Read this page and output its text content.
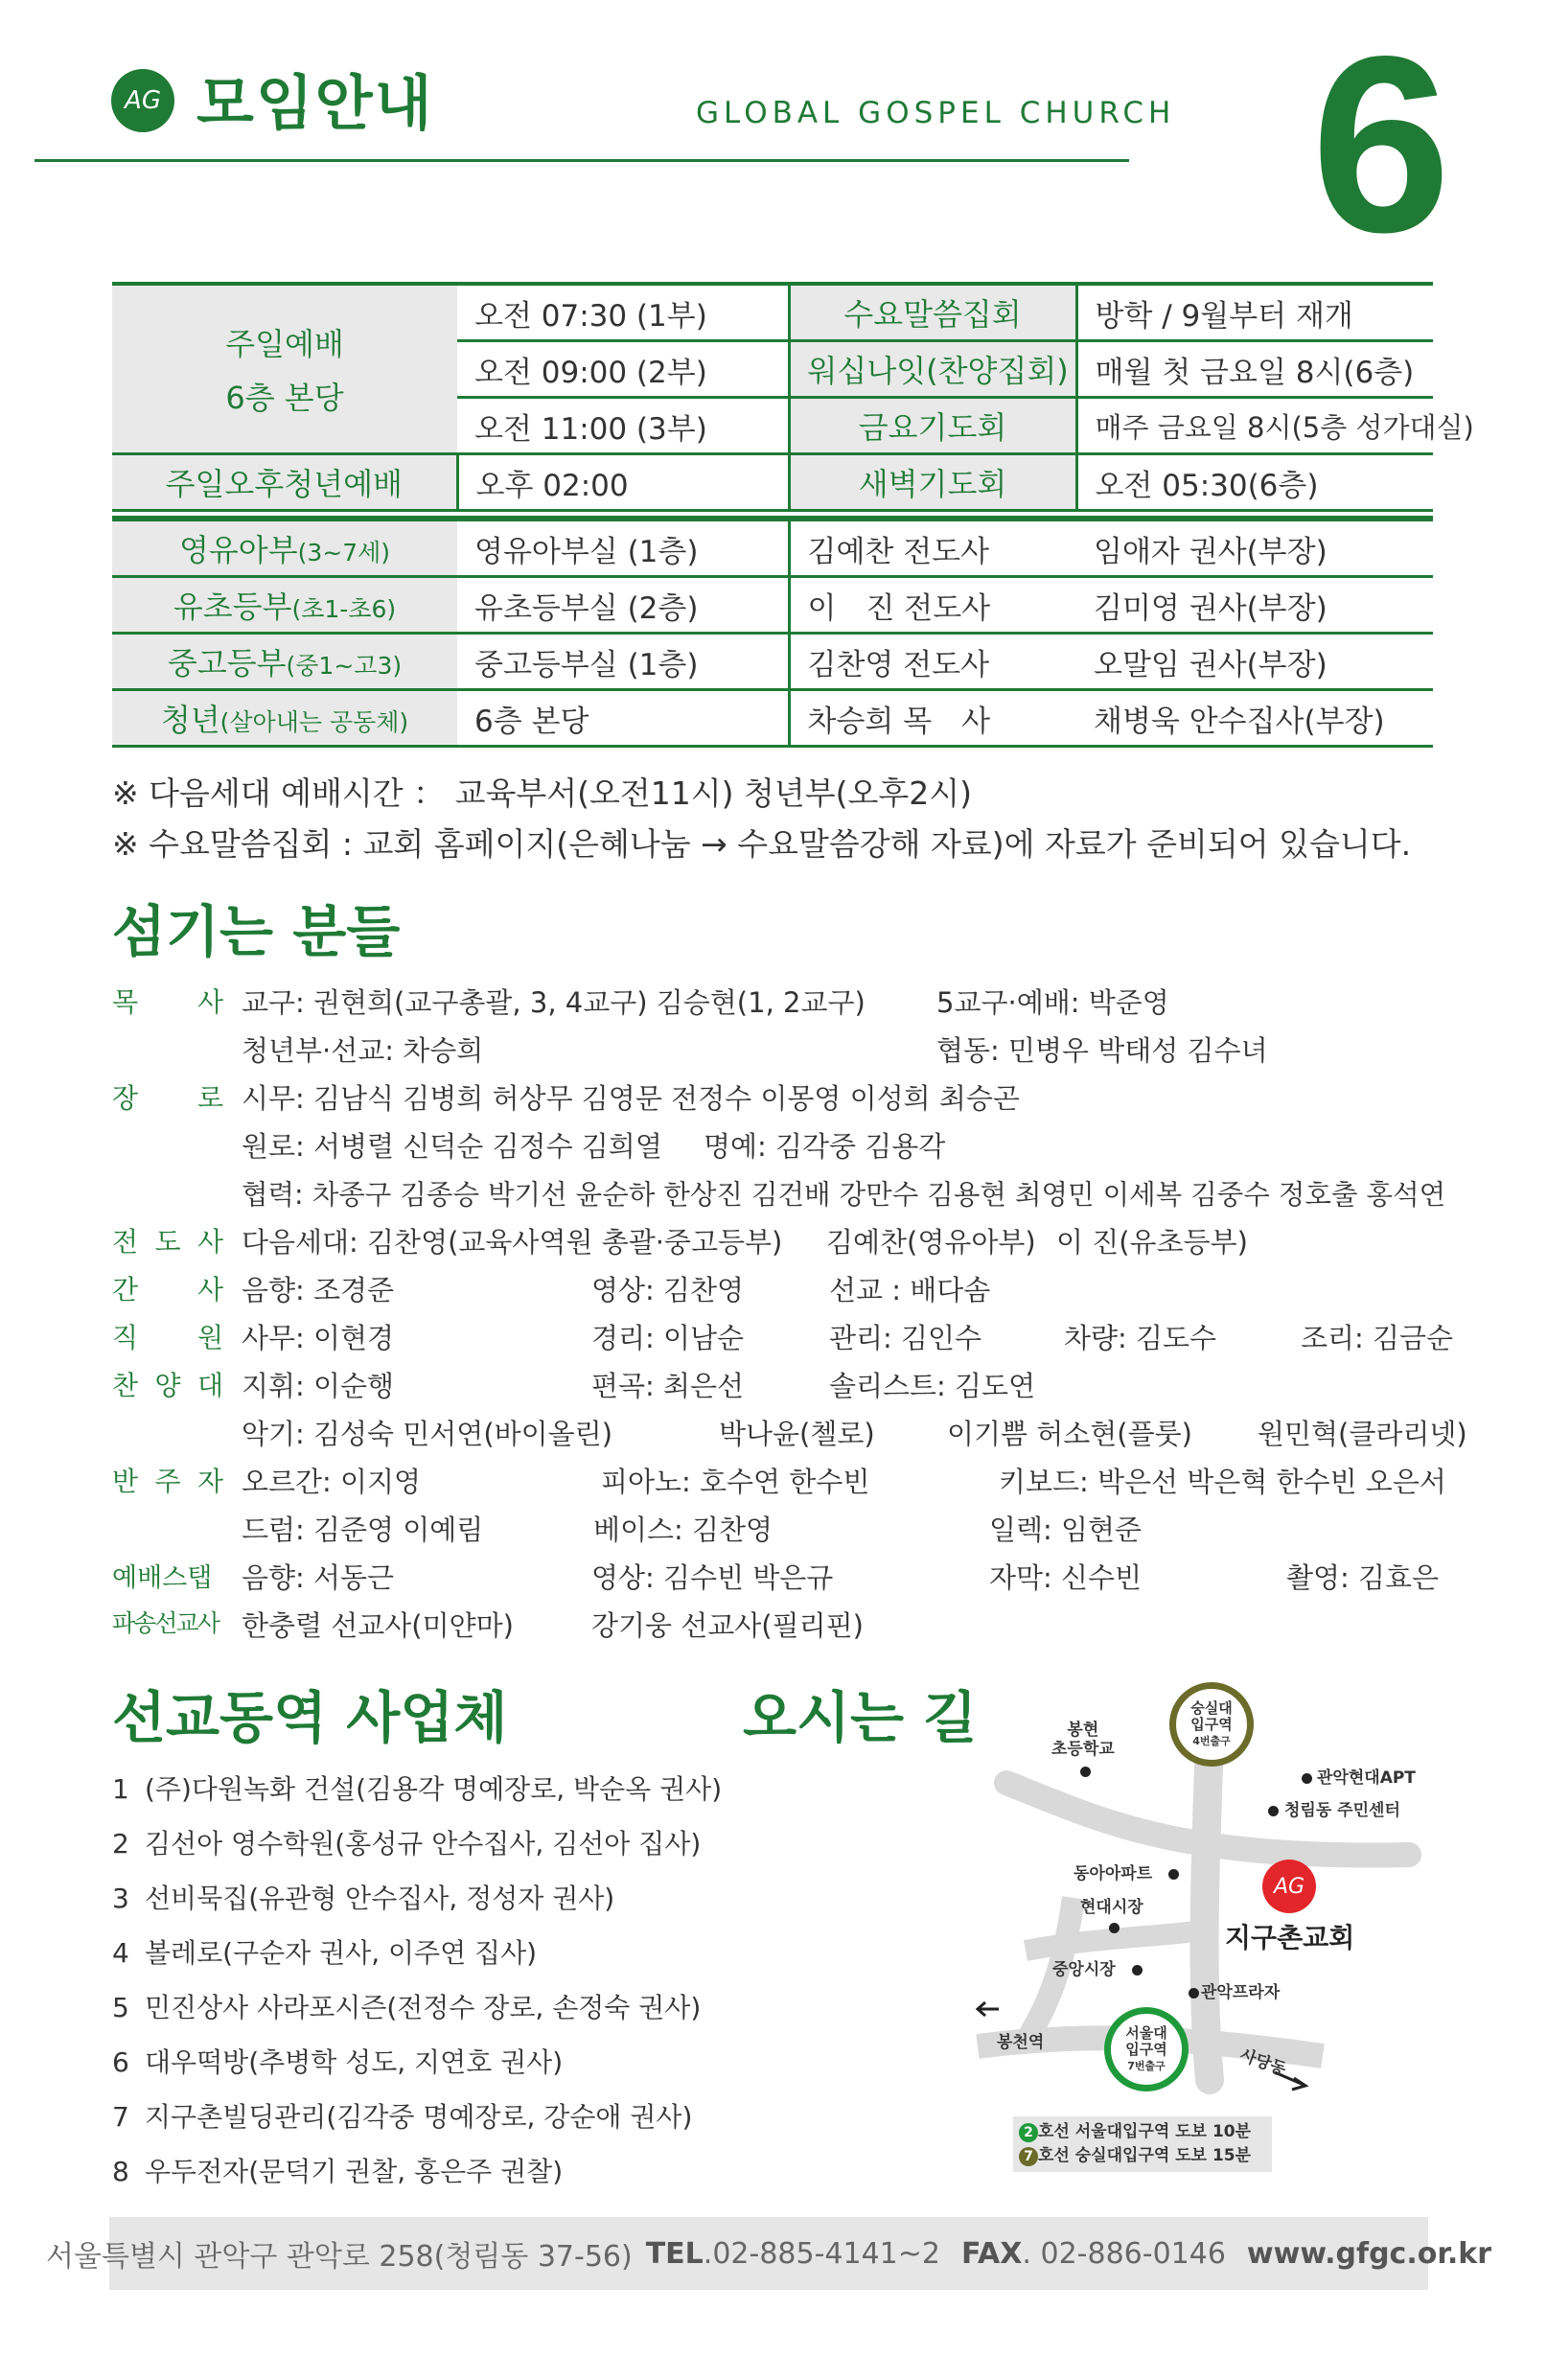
AG 모임안내	GLOBAL GOSPEL CHURCH 6
주일예배
6층 본당	오전 07:30 (1부)	수요말씀집회	방학 / 9월부터 재개
	오전 09:00 (2부)	워십나잇(찬양집회)	매월 첫 금요일 8시(6층)
	오전 11:00 (3부)	금요기도회	매주 금요일 8시(5층 성가대실)
주일오후청년예배	오후 02:00	새벽기도회	오전 05:30(6층)
영유아부(3~7세)	영유아부실 (1층)	김예찬 전도사	임애자 권사(부장)
유초등부(초1-초6)	유초등부실 (2층)	이　진 전도사	김미영 권사(부장)
중고등부(중1~고3)	중고등부실 (1층)	김찬영 전도사	오말임 권사(부장)
청년(살아내는 공동체)	6층 본당	차승희 목　사	채병욱 안수집사(부장)
※ 다음세대 예배시간 ： 교육부서(오전11시) 청년부(오후2시)
※ 수요말씀집회 : 교회 홈페이지(은혜나눔 → 수요말씀강해 자료)에 자료가 준비되어 있습니다.
섬기는 분들
목 사 교구: 권현희(교구총괄, 3, 4교구) 김승현(1, 2교구)	5교구·예배: 박준영
청년부·선교: 차승희	협동: 민병우 박태성 김수녀
장 로 시무: 김남식 김병희 허상무 김영문 전정수 이몽영 이성희 최승곤
원로: 서병렬 신덕순 김정수 김희열 명예: 김각중 김용각
협력: 차종구 김종승 박기선 윤순하 한상진 김건배 강만수 김용현 최영민 이세복 김중수 정호출 홍석연
전 도 사 다음세대: 김찬영(교육사역원 총괄·중고등부) 김예찬(영유아부) 이 진(유초등부)
간 사 음향: 조경준	영상: 김찬영	선교 : 배다솜
직 원 사무: 이현경	경리: 이남순	관리: 김인수	차량: 김도수	조리: 김금순
찬 양 대 지휘: 이순행	편곡: 최은선	솔리스트: 김도연
악기: 김성숙 민서연(바이올린)	박나윤(첼로)	이기쁨 허소현(플룻) 원민혁(클라리넷)
반 주 자 오르간: 이지영	피아노: 호수연 한수빈	키보드: 박은선 박은혁 한수빈 오은서
드럼: 김준영 이예림	베이스: 김찬영	일렉: 임현준
예배스탭	음향: 서동근	영상: 김수빈 박은규	자막: 신수빈	촬영: 김효은
파송선교사 한충렬 선교사(미얀마)	강기웅 선교사(필리핀)
선교동역 사업체
1 (주)다원녹화 건설(김용각 명예장로, 박순옥 권사)
2 김선아 영수학원(홍성규 안수집사, 김선아 집사)
3 선비묵집(유관형 안수집사, 정성자 권사)
4 볼레로(구순자 권사, 이주연 집사)
5 민진상사 사라포시즌(전정수 장로, 손정숙 권사)
6 대우떡방(추병학 성도, 지연호 권사)
7 지구촌빌딩관리(김각중 명예장로, 강순애 권사)
8 우두전자(문덕기 권찰, 홍은주 권찰)
오시는 길	숭실대
입구역
4번출구
서울대
입구역
7번출구
봉현
초등학교
관악현대APT
청림동 주민센터
동아아파트
현대시장
중앙시장
관악프라자
AG
지구촌교회
봉천역
사당동
2 호선 서울대입구역 도보 10분
7 호선 숭실대입구역 도보 15분
서울특별시 관악구 관악로 258(청림동 37-56) TEL.02-885-4141~2 FAX. 02-886-0146 www.gfgc.or.kr
